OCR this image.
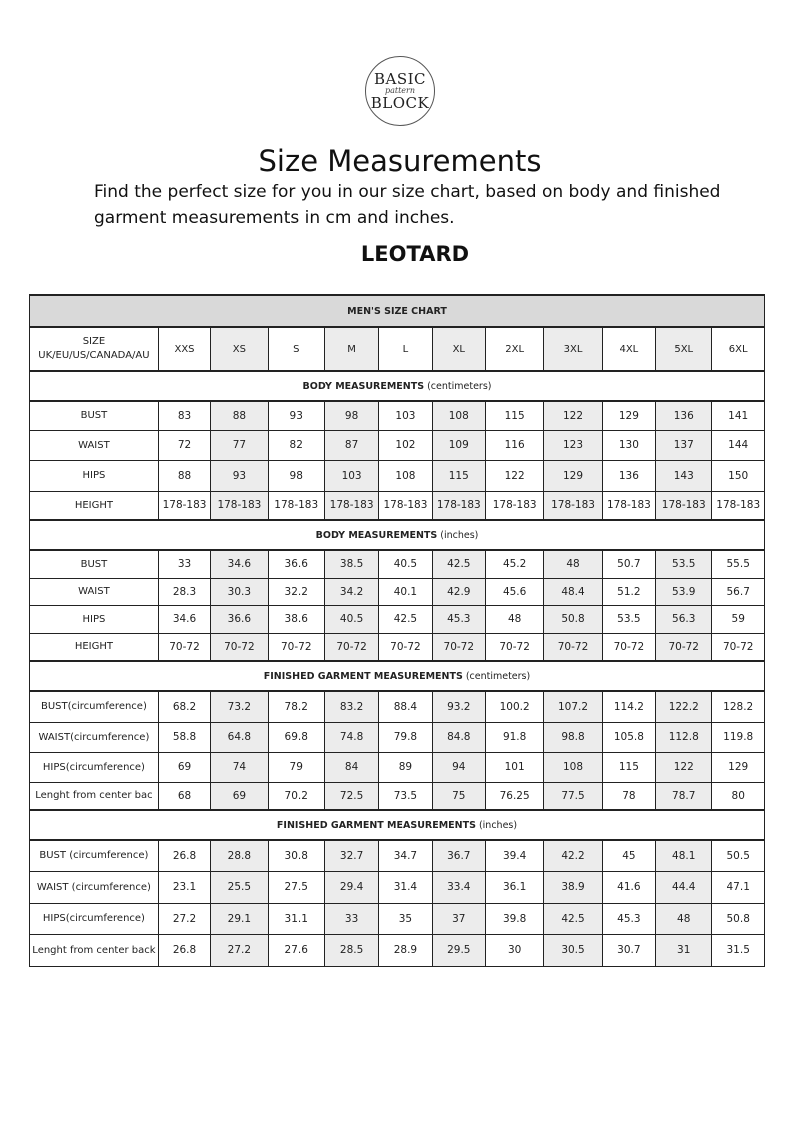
BASIC
pattern
BLOCK
Size Measurements
Find the perfect size for you in our size chart, based on body and finished garment measurements in cm and inches.
LEOTARD
MEN'S SIZE CHART											

SIZE
UK/EU/US/CANADA/AU	XXS	XS	S	M	L	XL	2XL	3XL	4XL	5XL	6XL
BODY MEASUREMENTS (centimeters)											
BUST	83	88	93	98	103	108	115	122	129	136	141
WAIST	72	77	82	87	102	109	116	123	130	137	144
HIPS	88	93	98	103	108	115	122	129	136	143	150
HEIGHT	178-183	178-183	178-183	178-183	178-183	178-183	178-183	178-183	178-183	178-183	178-183
BODY MEASUREMENTS (inches)											
BUST	33	34.6	36.6	38.5	40.5	42.5	45.2	48	50.7	53.5	55.5
WAIST	28.3	30.3	32.2	34.2	40.1	42.9	45.6	48.4	51.2	53.9	56.7
HIPS	34.6	36.6	38.6	40.5	42.5	45.3	48	50.8	53.5	56.3	59
HEIGHT	70-72	70-72	70-72	70-72	70-72	70-72	70-72	70-72	70-72	70-72	70-72
FINISHED GARMENT MEASUREMENTS (centimeters)											
BUST(circumference)	68.2	73.2	78.2	83.2	88.4	93.2	100.2	107.2	114.2	122.2	128.2
WAIST(circumference)	58.8	64.8	69.8	74.8	79.8	84.8	91.8	98.8	105.8	112.8	119.8
HIPS(circumference)	69	74	79	84	89	94	101	108	115	122	129
Lenght from center bac	68	69	70.2	72.5	73.5	75	76.25	77.5	78	78.7	80
FINISHED GARMENT MEASUREMENTS (inches)											
BUST (circumference)	26.8	28.8	30.8	32.7	34.7	36.7	39.4	42.2	45	48.1	50.5
WAIST (circumference)	23.1	25.5	27.5	29.4	31.4	33.4	36.1	38.9	41.6	44.4	47.1
HIPS(circumference)	27.2	29.1	31.1	33	35	37	39.8	42.5	45.3	48	50.8
Lenght from center back	26.8	27.2	27.6	28.5	28.9	29.5	30	30.5	30.7	31	31.5
